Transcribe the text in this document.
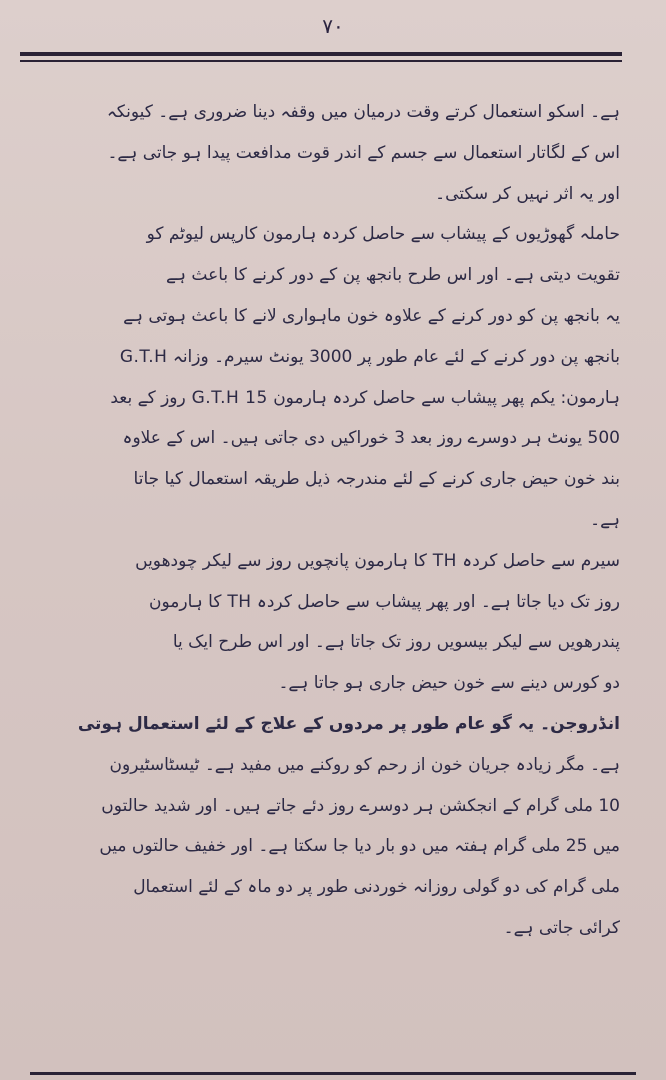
٧٠
ہے۔ اسکو استعمال کرتے وقت درمیان میں وقفہ دینا ضروری ہے۔ کیونکہ
اس کے لگاتار استعمال سے جسم کے اندر قوت مدافعت پیدا ہو جاتی ہے۔
اور یہ اثر نہیں کر سکتی۔
حاملہ گھوڑیوں کے پیشاب سے حاصل کردہ ہارمون کارپس لیوٹم کو
تقویت دیتی ہے۔ اور اس طرح بانجھ پن کے دور کرنے کا باعث ہے
یہ بانجھ پن کو دور کرنے کے علاوہ خون ماہواری لانے کا باعث ہوتی ہے
بانجھ پن دور کرنے کے لئے عام طور پر 3000 یونٹ سیرم۔ وزانہ G.T.H
ہارمون: یکم پھر پیشاب سے حاصل کردہ ہارمون G.T.H 15 روز کے بعد
500 یونٹ ہر دوسرے روز بعد 3 خوراکیں دی جاتی ہیں۔ اس کے علاوہ
بند خون حیض جاری کرنے کے لئے مندرجہ ذیل طریقہ استعمال کیا جاتا
ہے۔
سیرم سے حاصل کردہ TH کا ہارمون پانچویں روز سے لیکر چودھویں
روز تک دیا جاتا ہے۔ اور پھر پیشاب سے حاصل کردہ TH کا ہارمون
پندرھویں سے لیکر بیسویں روز تک جاتا ہے۔ اور اس طرح ایک یا
دو کورس دینے سے خون حیض جاری ہو جاتا ہے۔
انڈروجن۔ یہ گو عام طور پر مردوں کے علاج کے لئے استعمال ہوتی
ہے۔ مگر زیادہ جریان خون از رحم کو روکنے میں مفید ہے۔ ٹیسٹاسٹیرون
10 ملی گرام کے انجکشن ہر دوسرے روز دئے جاتے ہیں۔ اور شدید حالتوں
میں 25 ملی گرام ہفتہ میں دو بار دیا جا سکتا ہے۔ اور خفیف حالتوں میں
ملی گرام کی دو گولی روزانہ خوردنی طور پر دو ماہ کے لئے استعمال
کرائی جاتی ہے۔
